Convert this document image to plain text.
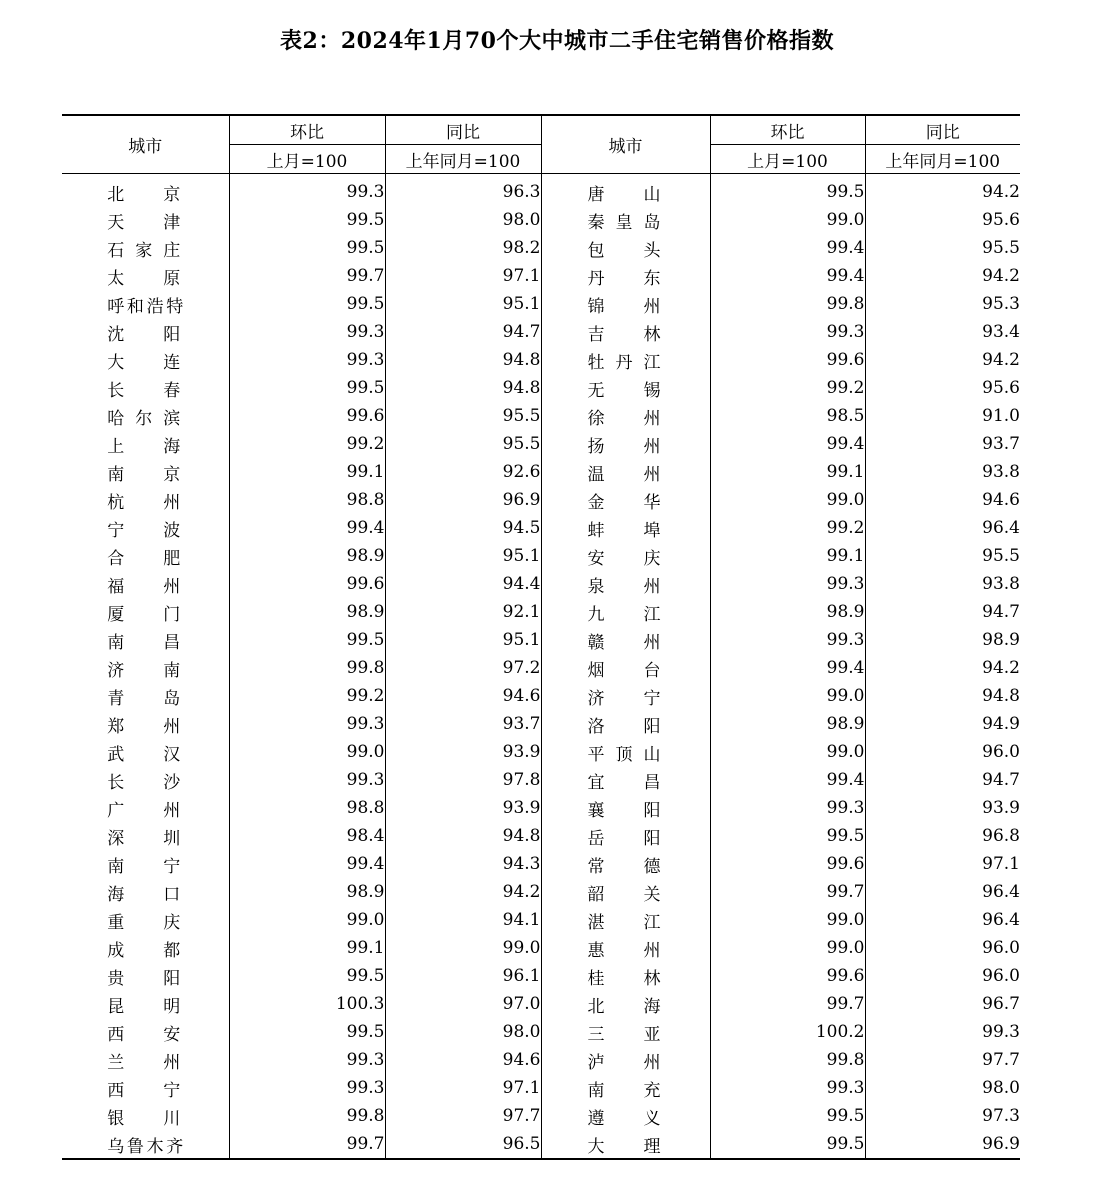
表2：2024年1月70个大中城市二手住宅销售价格指数
城市	环比	同比	城市	环比	同比
	上月=100	上年同月=100		上月=100	上年同月=100
北京	99.3	96.3	唐山	99.5	94.2
天津	99.5	98.0	秦皇岛	99.0	95.6
石家庄	99.5	98.2	包头	99.4	95.5
太原	99.7	97.1	丹东	99.4	94.2
呼和浩特	99.5	95.1	锦州	99.8	95.3
沈阳	99.3	94.7	吉林	99.3	93.4
大连	99.3	94.8	牡丹江	99.6	94.2
长春	99.5	94.8	无锡	99.2	95.6
哈尔滨	99.6	95.5	徐州	98.5	91.0
上海	99.2	95.5	扬州	99.4	93.7
南京	99.1	92.6	温州	99.1	93.8
杭州	98.8	96.9	金华	99.0	94.6
宁波	99.4	94.5	蚌埠	99.2	96.4
合肥	98.9	95.1	安庆	99.1	95.5
福州	99.6	94.4	泉州	99.3	93.8
厦门	98.9	92.1	九江	98.9	94.7
南昌	99.5	95.1	赣州	99.3	98.9
济南	99.8	97.2	烟台	99.4	94.2
青岛	99.2	94.6	济宁	99.0	94.8
郑州	99.3	93.7	洛阳	98.9	94.9
武汉	99.0	93.9	平顶山	99.0	96.0
长沙	99.3	97.8	宜昌	99.4	94.7
广州	98.8	93.9	襄阳	99.3	93.9
深圳	98.4	94.8	岳阳	99.5	96.8
南宁	99.4	94.3	常德	99.6	97.1
海口	98.9	94.2	韶关	99.7	96.4
重庆	99.0	94.1	湛江	99.0	96.4
成都	99.1	99.0	惠州	99.0	96.0
贵阳	99.5	96.1	桂林	99.6	96.0
昆明	100.3	97.0	北海	99.7	96.7
西安	99.5	98.0	三亚	100.2	99.3
兰州	99.3	94.6	泸州	99.8	97.7
西宁	99.3	97.1	南充	99.3	98.0
银川	99.8	97.7	遵义	99.5	97.3
乌鲁木齐	99.7	96.5	大理	99.5	96.9
